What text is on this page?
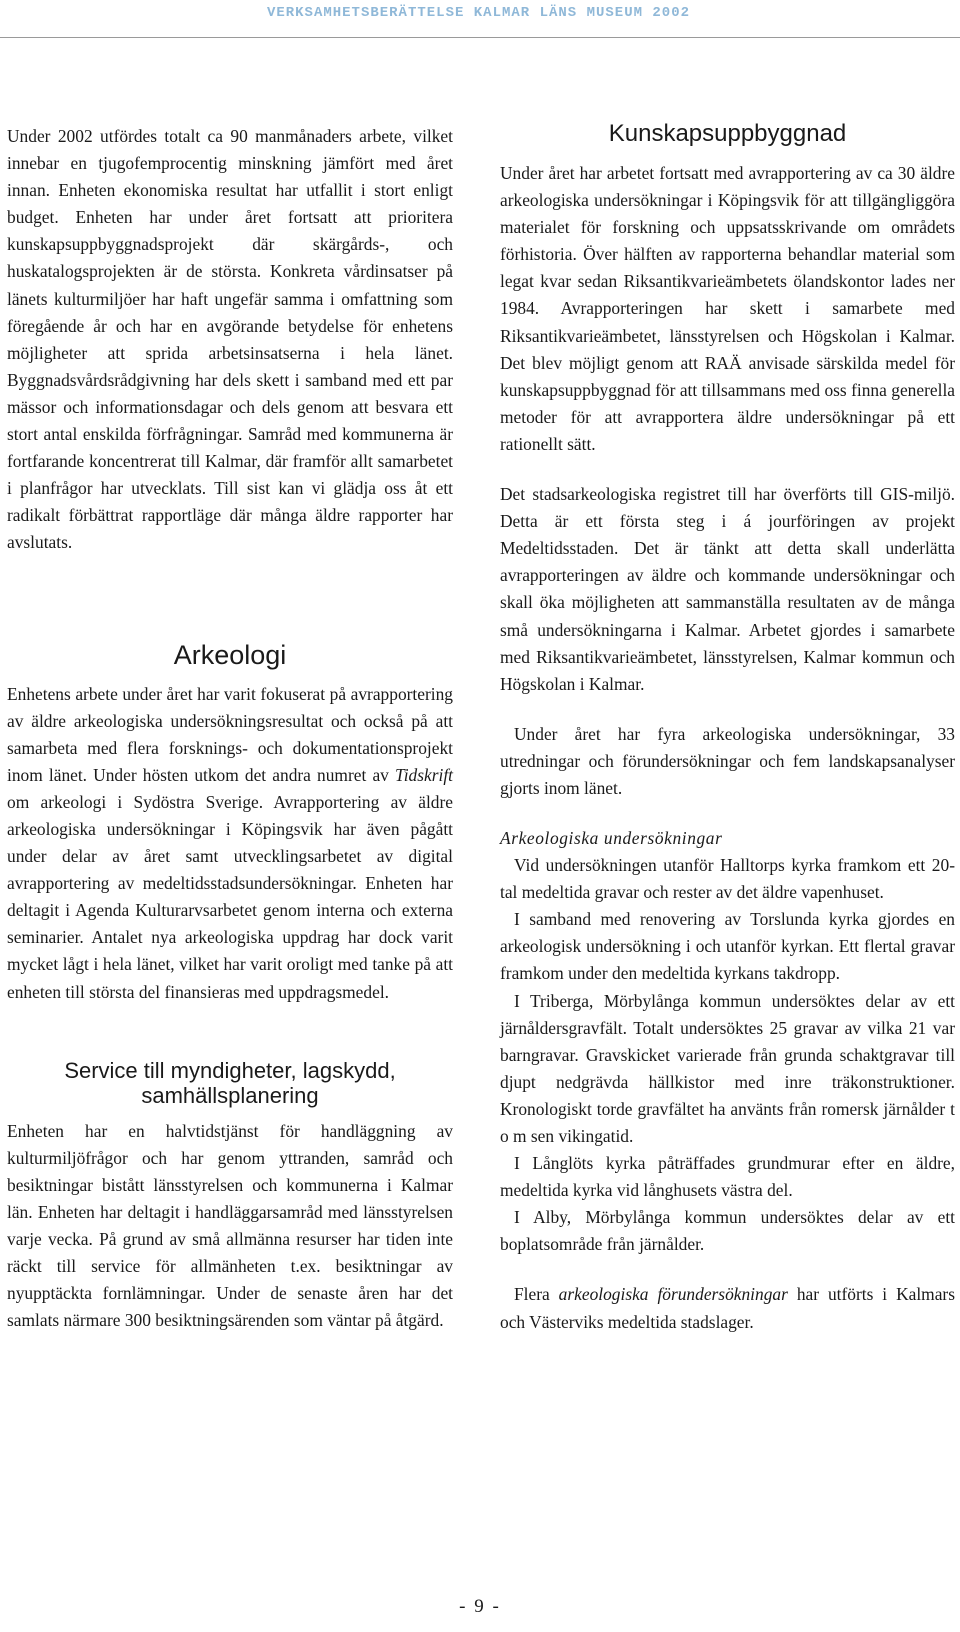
VERKSAMHETSBERÄTTELSE KALMAR LÄNS MUSEUM 2002

Under 2002 utfördes totalt ca 90 manmånaders arbete, vilket innebar en tjugofemprocentig minskning jämfört med året innan. Enheten ekonomiska resultat har utfallit i stort enligt budget. Enheten har under året fortsatt att prioritera kunskapsuppbyggnadsprojekt där skärgårds-, och huskatalogsprojekten är de största. Konkreta vårdinsatser på länets kulturmiljöer har haft ungefär samma i omfattning som föregående år och har en avgörande betydelse för enhetens möjligheter att sprida arbetsinsatserna i hela länet. Byggnadsvårdsrådgivning har dels skett i samband med ett par mässor och informationsdagar och dels genom att besvara ett stort antal enskilda förfrågningar. Samråd med kommunerna är fortfarande koncentrerat till Kalmar, där framför allt samarbetet i planfrågor har utvecklats. Till sist kan vi glädja oss åt ett radikalt förbättrat rapportläge där många äldre rapporter har avslutats.

Arkeologi

Enhetens arbete under året har varit fokuserat på avrapportering av äldre arkeologiska undersökningsresultat och också på att samarbeta med flera forsknings- och dokumentationsprojekt inom länet. Under hösten utkom det andra numret av Tidskrift om arkeologi i Sydöstra Sverige. Avrapportering av äldre arkeologiska undersökningar i Köpingsvik har även pågått under delar av året samt utvecklingsarbetet av digital avrapportering av medeltidsstadsundersökningar. Enheten har deltagit i Agenda Kulturarvsarbetet genom interna och externa seminarier. Antalet nya arkeologiska uppdrag har dock varit mycket lågt i hela länet, vilket har varit oroligt med tanke på att enheten till största del finansieras med uppdragsmedel.

Service till myndigheter, lagskydd, samhällsplanering

Enheten har en halvtidstjänst för handläggning av kulturmiljöfrågor och har genom yttranden, samråd och besiktningar bistått länsstyrelsen och kommunerna i Kalmar län. Enheten har deltagit i handläggarsamråd med länsstyrelsen varje vecka. På grund av små allmänna resurser har tiden inte räckt till service för allmänheten t.ex. besiktningar av nyupptäckta fornlämningar. Under de senaste åren har det samlats närmare 300 besiktningsärenden som väntar på åtgärd.

Kunskapsuppbyggnad

Under året har arbetet fortsatt med avrapportering av ca 30 äldre arkeologiska undersökningar i Köpingsvik för att tillgängliggöra materialet för forskning och uppsatsskrivande om områdets förhistoria. Över hälften av rapporterna behandlar material som legat kvar sedan Riksantikvarieämbetets ölandskontor lades ner 1984. Avrapporteringen har skett i samarbete med Riksantikvarieämbetet, länsstyrelsen och Högskolan i Kalmar. Det blev möjligt genom att RAÄ anvisade särskilda medel för kunskapsuppbyggnad för att tillsammans med oss finna generella metoder för att avrapportera äldre undersökningar på ett rationellt sätt.

Det stadsarkeologiska registret till har överförts till GIS-miljö. Detta är ett första steg i á jourföringen av projekt Medeltidsstaden. Det är tänkt att detta skall underlätta avrapporteringen av äldre och kommande undersökningar och skall öka möjligheten att sammanställa resultaten av de många små undersökningarna i Kalmar. Arbetet gjordes i samarbete med Riksantikvarieämbetet, länsstyrelsen, Kalmar kommun och Högskolan i Kalmar.

Under året har fyra arkeologiska undersökningar, 33 utredningar och förundersökningar och fem landskapsanalyser gjorts inom länet.

Arkeologiska undersökningar

Vid undersökningen utanför Halltorps kyrka framkom ett 20-tal medeltida gravar och rester av det äldre vapenhuset.

I samband med renovering av Torslunda kyrka gjordes en arkeologisk undersökning i och utanför kyrkan. Ett flertal gravar framkom under den medeltida kyrkans takdropp.

I Triberga, Mörbylånga kommun undersöktes delar av ett järnåldersgravfält. Totalt undersöktes 25 gravar av vilka 21 var barngravar. Gravskicket varierade från grunda schaktgravar till djupt nedgrävda hällkistor med inre träkonstruktioner. Kronologiskt torde gravfältet ha använts från romersk järnålder t o m sen vikingatid.

I Långlöts kyrka påträffades grundmurar efter en äldre, medeltida kyrka vid långhusets västra del.

I Alby, Mörbylånga kommun undersöktes delar av ett boplatsområde från järnålder.

Flera arkeologiska förundersökningar har utförts i Kalmars och Västerviks medeltida stadslager.

- 9 -
